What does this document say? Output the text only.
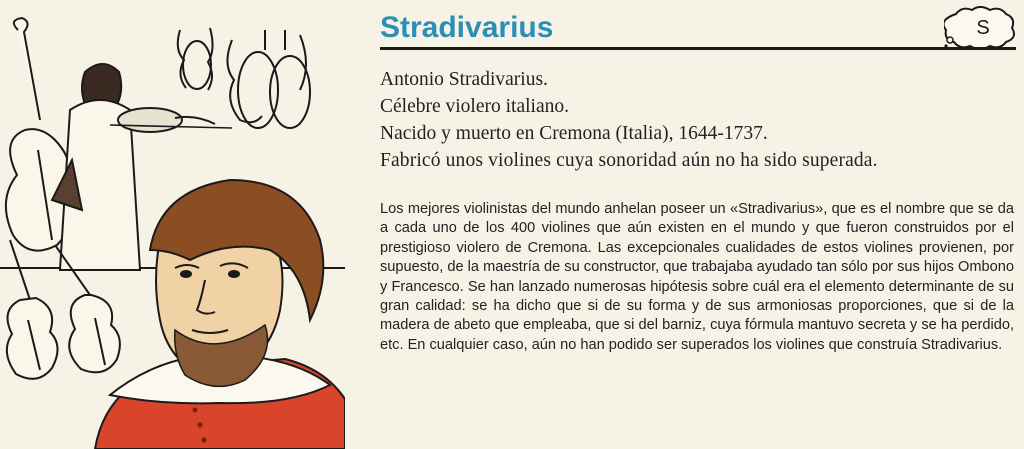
Stradivarius	S
Antonio Stradivarius.
Célebre violero italiano.
Nacido y muerto en Cremona (Italia), 1644-1737.
Fabricó unos violines cuya sonoridad aún no ha sido superada.

Los mejores violinistas del mundo anhelan poseer un «Stradivarius», que es el nombre que se da a cada uno de los 400 violines que aún existen en el mundo y que fueron construidos por el prestigioso violero de Cremona. Las excepcionales cualidades de estos violines provienen, por supuesto, de la maestría de su constructor, que trabajaba ayudado tan sólo por sus hijos Ombono y Francesco. Se han lanzado numerosas hipótesis sobre cuál era el elemento determinante de su gran calidad: se ha dicho que si de su forma y de sus armoniosas proporciones, que si de la madera de abeto que empleaba, que si del barniz, cuya fórmula mantuvo secreta y se ha perdido, etc. En cualquier caso, aún no han podido ser superados los violines que construía Stradivarius.
